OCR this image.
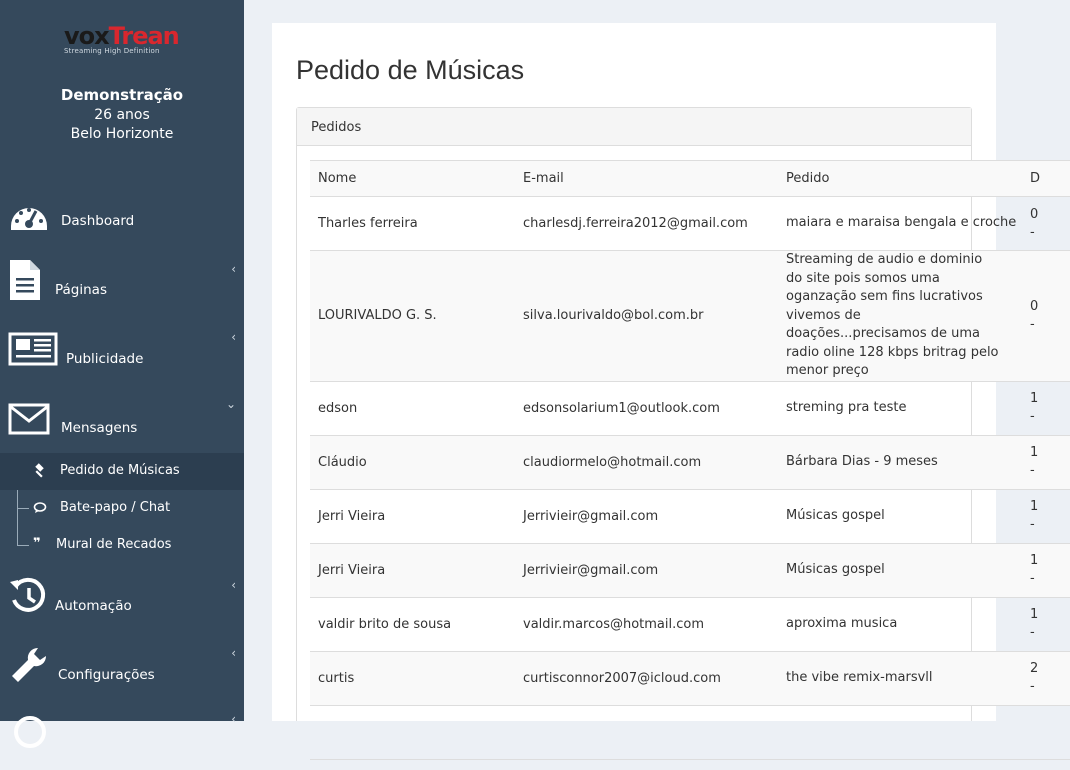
voxTrean
Streaming High Definition
Demonstração
26 anos
Belo Horizonte
Dashboard
Páginas
‹
Publicidade
‹
Mensagens
⌄
Pedido de Músicas
Bate-papo / Chat
❞	Mural de Recados
Automação
‹
Configurações
‹
‹
Pedido de Músicas
Pedidos
Nome	E-mail	Pedido	D
Tharles ferreira	charlesdj.ferreira2012@gmail.com	maiara e maraisa bengala e croche	0
-
LOURIVALDO G. S.	silva.lourivaldo@bol.com.br	Streaming de audio e dominio do site pois somos uma oganzação sem fins lucrativos vivemos de doações...precisamos de uma radio oline 128 kbps britrag pelo menor preço	0
-
edson	edsonsolarium1@outlook.com	streming pra teste	1
-
Cláudio	claudiormelo@hotmail.com	Bárbara Dias - 9 meses	1
-
Jerri Vieira	Jerrivieir@gmail.com	Músicas gospel	1
-
Jerri Vieira	Jerrivieir@gmail.com	Músicas gospel	1
-
valdir brito de sousa	valdir.marcos@hotmail.com	aproxima musica	1
-
curtis	curtisconnor2007@icloud.com	the vibe remix-marsvll	2
-
